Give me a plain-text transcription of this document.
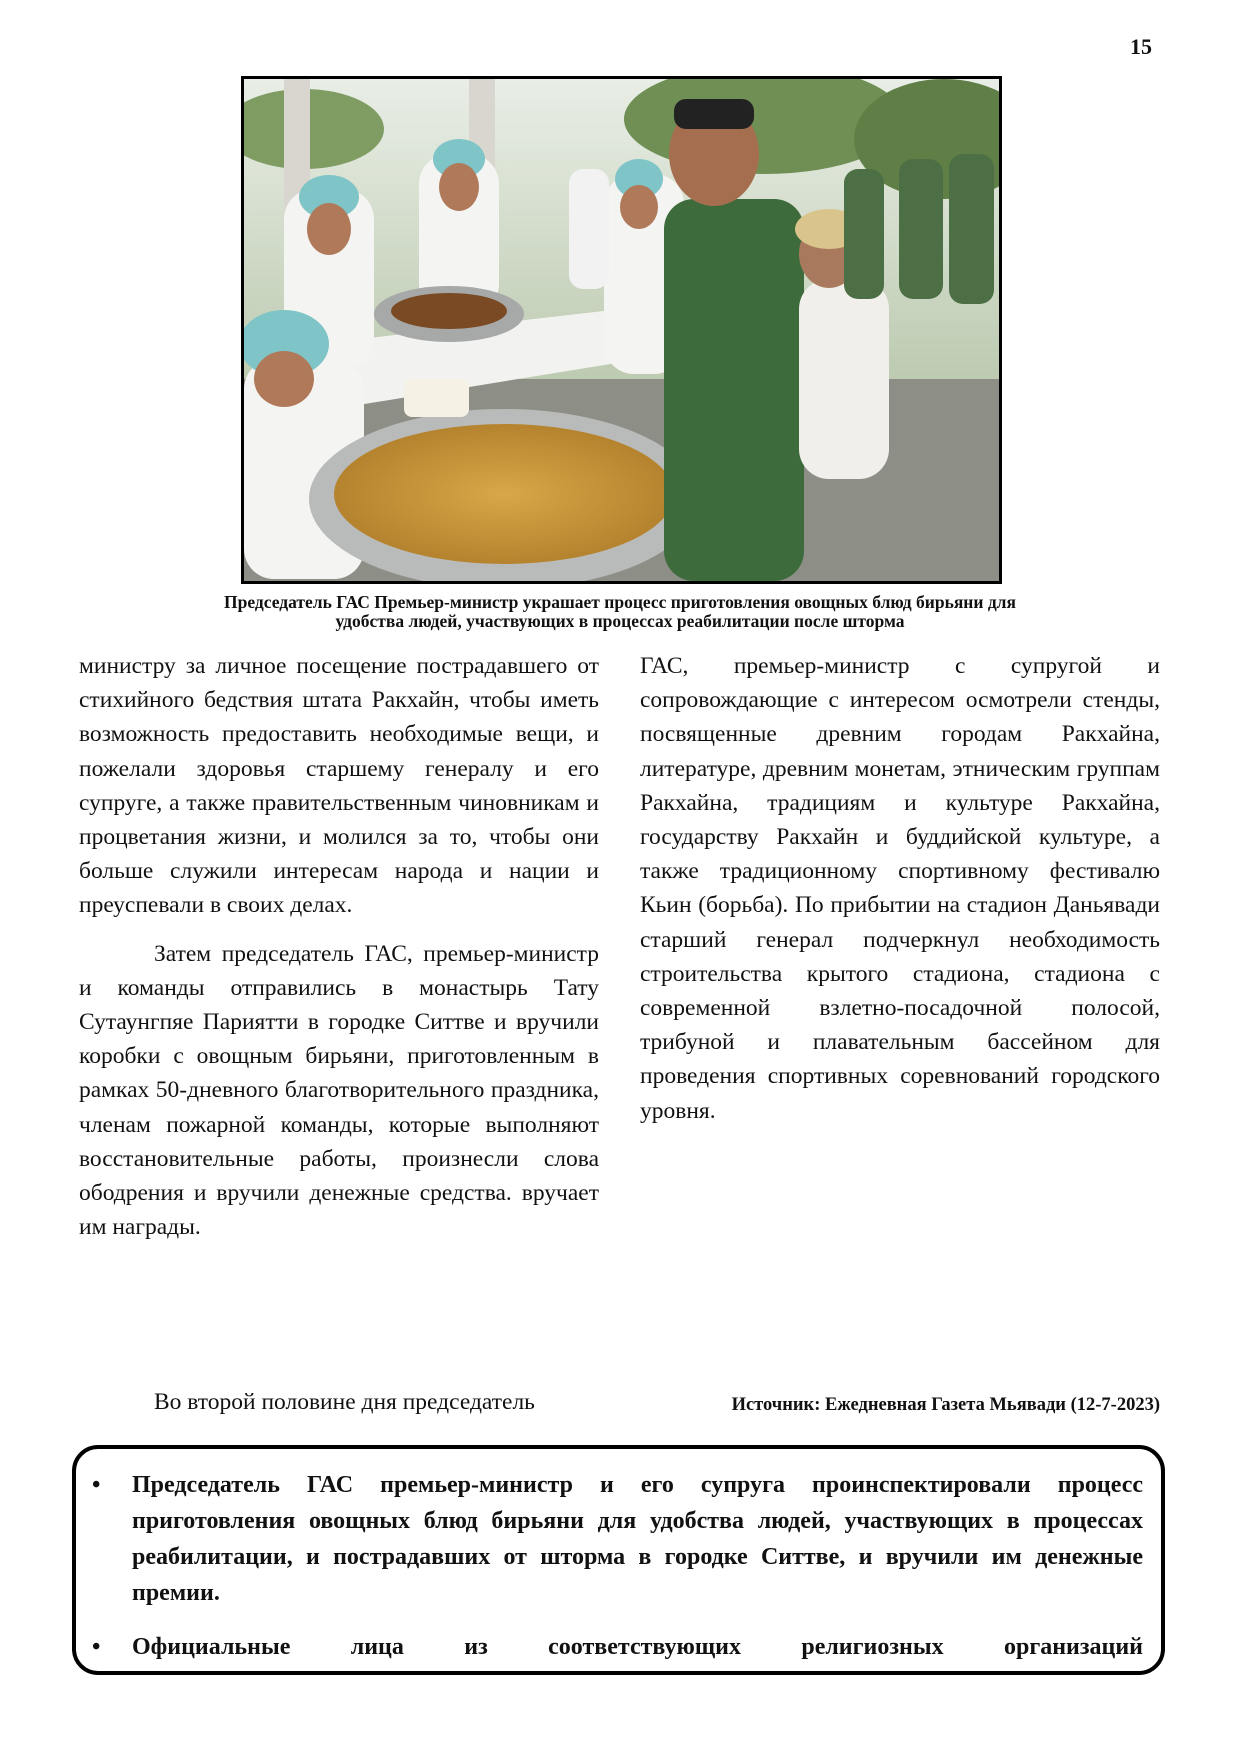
15
Председатель ГАС Премьер-министр украшает процесс приготовления овощных блюд бирьяни для
удобства людей, участвующих в процессах реабилитации после шторма

министру за личное посещение пострадавшего от стихийного бедствия штата Ракхайн, чтобы иметь возможность предоставить необходимые вещи, и пожелали здоровья старшему генералу и его супруге, а также правительственным чиновникам и процветания жизни, и молился за то, чтобы они больше служили интересам народа и нации и преуспевали в своих делах.

Затем председатель ГАС, премьер-министр и команды отправились в монастырь Тату Сутаунгпяе Париятти в городке Ситтве и вручили коробки с овощным бирьяни, приготовленным в рамках 50-дневного благотворительного праздника, членам пожарной команды, которые выполняют восстановительные работы, произнесли слова ободрения и вручили денежные средства. вручает им награды.

Во второй половине дня председатель

ГАС, премьер-министр с супругой и сопровождающие с интересом осмотрели стенды, посвященные древним городам Ракхайна, литературе, древним монетам, этническим группам Ракхайна, традициям и культуре Ракхайна, государству Ракхайн и буддийской культуре, а также традиционному спортивному фестивалю Кьин (борьба). По прибытии на стадион Даньявади старший генерал подчеркнул необходимость строительства крытого стадиона, стадиона с современной взлетно-посадочной полосой, трибуной и плавательным бассейном для проведения спортивных соревнований городского уровня.

Источник: Ежедневная Газета Мьявади (12-7-2023)
• Председатель ГАС премьер-министр и его супруга проинспектировали процесс приготовления овощных блюд бирьяни для удобства людей, участвующих в процессах реабилитации, и пострадавших от шторма в городке Ситтве, и вручили им денежные премии.
• Официальные лица из соответствующих религиозных организаций
